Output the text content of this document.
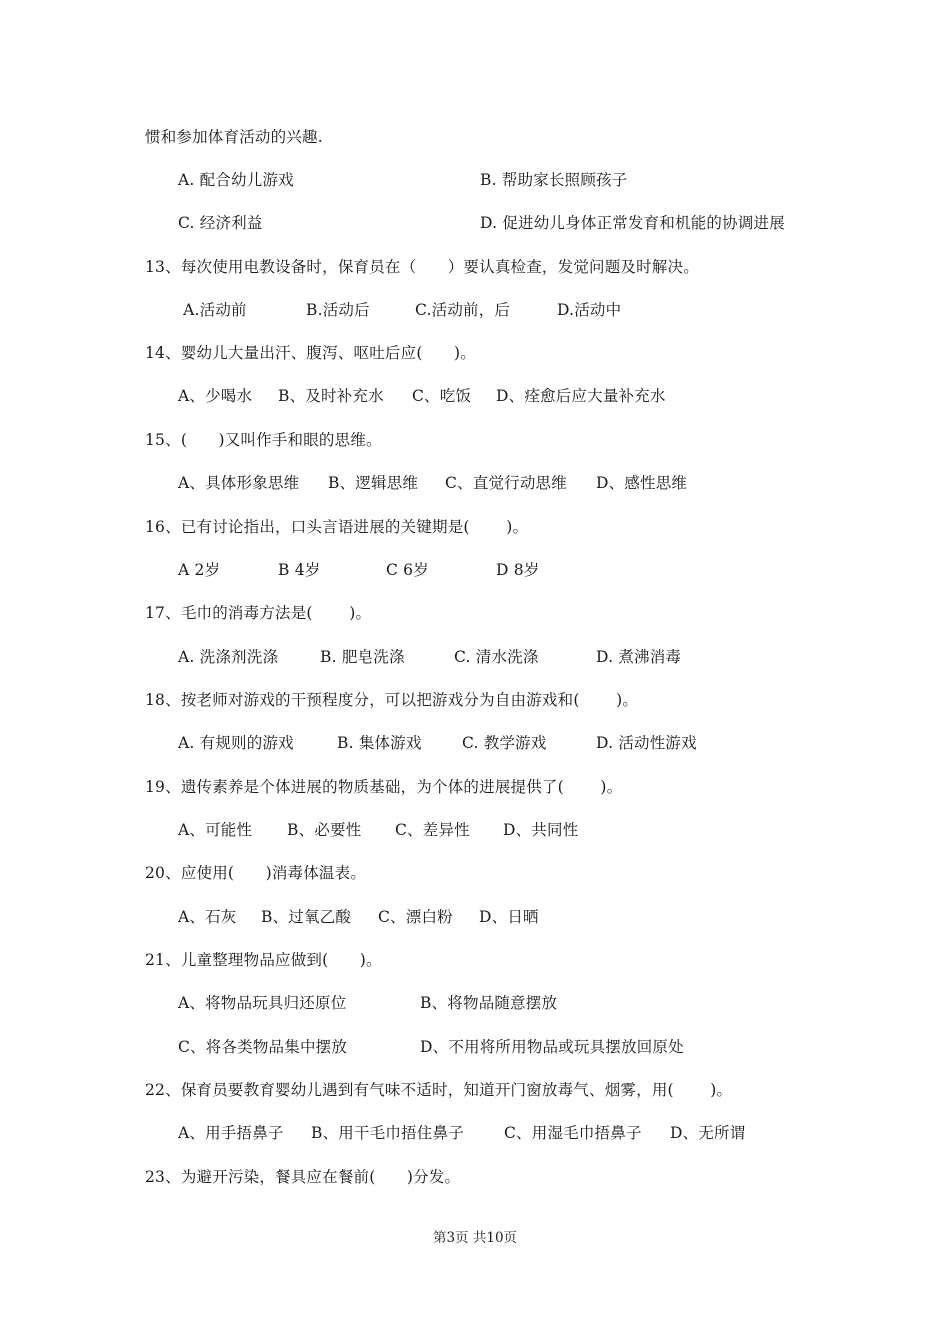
惯和参加体育活动的兴趣.
A. 配合幼儿游戏	B. 帮助家长照顾孩子
C. 经济利益	D. 促进幼儿身体正常发育和机能的协调进展
13、每次使用电教设备时，保育员在（　　）要认真检查，发觉问题及时解决。
A.活动前	B.活动后	C.活动前，后	D.活动中
14、婴幼儿大量出汗、腹泻、呕吐后应(　　)。
A、少喝水 B、及时补充水 C、吃饭 D、痊愈后应大量补充水
15、(　　)又叫作手和眼的思维。
A、具体形象思维 B、逻辑思维 C、直觉行动思维 D、感性思维
16、已有讨论指出，口头言语进展的关键期是(　　 )。
A 2岁	B 4岁	C 6岁	D 8岁
17、毛巾的消毒方法是(　　 )。
A. 洗涤剂洗涤	B. 肥皂洗涤	C. 清水洗涤	D. 煮沸消毒
18、按老师对游戏的干预程度分，可以把游戏分为自由游戏和(　　 )。
A. 有规则的游戏	B. 集体游戏	C. 教学游戏	D. 活动性游戏
19、遗传素养是个体进展的物质基础，为个体的进展提供了(　　 )。
A、可能性 B、必要性 C、差异性 D、共同性
20、应使用(　　)消毒体温表。
A、石灰 B、过氧乙酸 C、漂白粉 D、日晒
21、儿童整理物品应做到(　　)。
A、将物品玩具归还原位	B、将物品随意摆放
C、将各类物品集中摆放	D、不用将所用物品或玩具摆放回原处
22、保育员要教育婴幼儿遇到有气味不适时，知道开门窗放毒气、烟雾，用(　　 )。
A、用手捂鼻子 B、用干毛巾捂住鼻子	C、用湿毛巾捂鼻子 D、无所谓
23、为避开污染，餐具应在餐前(　　)分发。
第3页 共10页
